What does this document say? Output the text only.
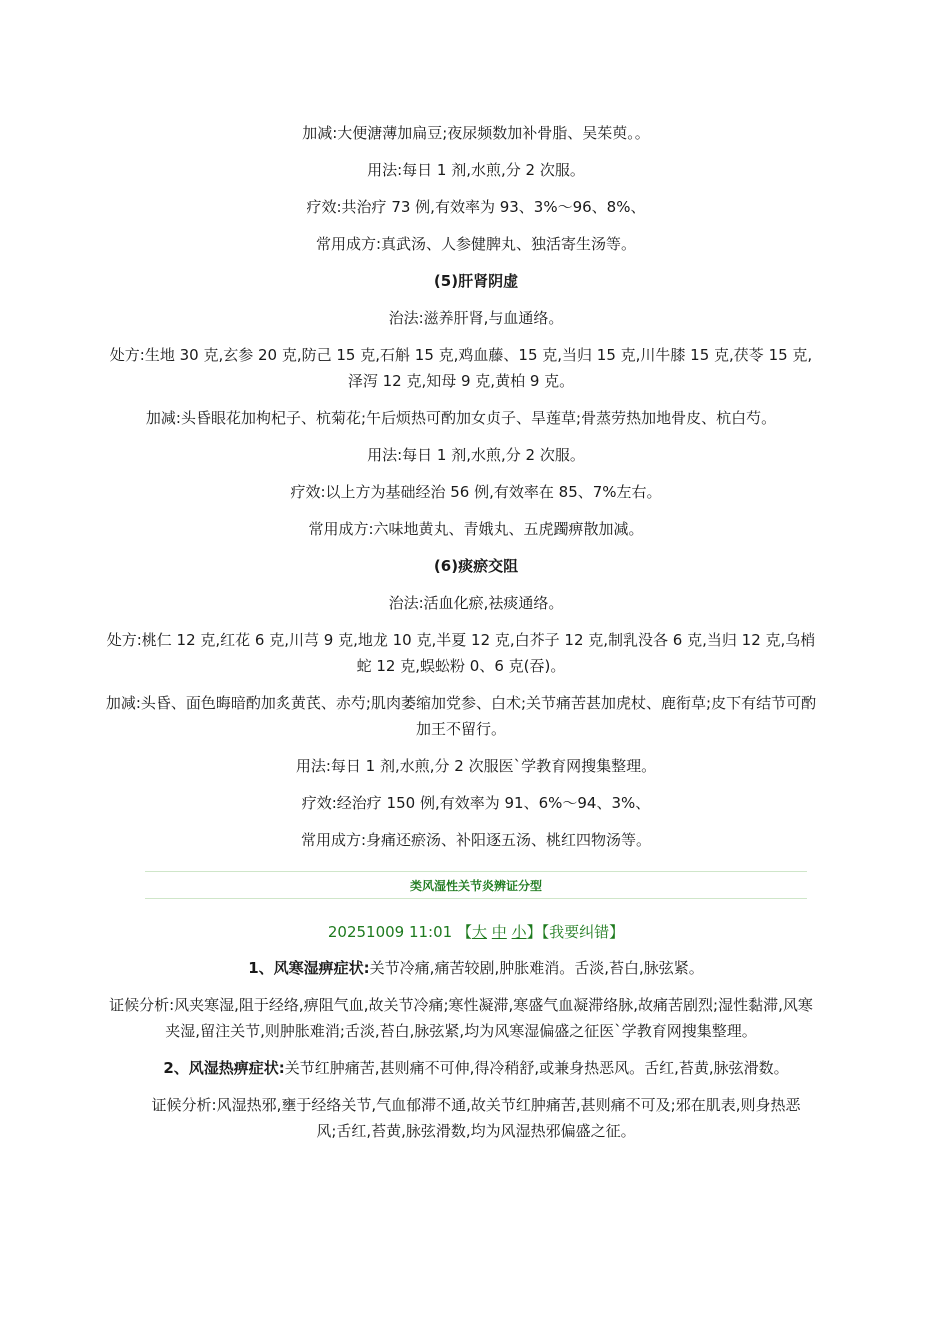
加减:大便溏薄加扁豆;夜尿频数加补骨脂、吴茱萸。。

用法:每日 1 剂,水煎,分 2 次服。

疗效:共治疗 73 例,有效率为 93、3%～96、8%、

常用成方:真武汤、人参健脾丸、独活寄生汤等。

(5)肝肾阴虚

治法:滋养肝肾,与血通络。

处方:生地 30 克,玄参 20 克,防己 15 克,石斛 15 克,鸡血藤、15 克,当归 15 克,川牛膝 15 克,茯苓 15 克,泽泻 12 克,知母 9 克,黄柏 9 克。

加减:头昏眼花加枸杞子、杭菊花;午后烦热可酌加女贞子、旱莲草;骨蒸劳热加地骨皮、杭白芍。

用法:每日 1 剂,水煎,分 2 次服。

疗效:以上方为基础经治 56 例,有效率在 85、7%左右。

常用成方:六味地黄丸、青娥丸、五虎躅痹散加减。

(6)痰瘀交阻

治法:活血化瘀,祛痰通络。

处方:桃仁 12 克,红花 6 克,川芎 9 克,地龙 10 克,半夏 12 克,白芥子 12 克,制乳没各 6 克,当归 12 克,乌梢蛇 12 克,蜈蚣粉 0、6 克(吞)。

加减:头昏、面色晦暗酌加炙黄芪、赤芍;肌肉萎缩加党参、白术;关节痛苦甚加虎杖、鹿衔草;皮下有结节可酌加王不留行。

用法:每日 1 剂,水煎,分 2 次服医`学教育网搜集整理。

疗效:经治疗 150 例,有效率为 91、6%～94、3%、

常用成方:身痛还瘀汤、补阳逐五汤、桃红四物汤等。

类风湿性关节炎辨证分型
20251009 11:01 【大 中 小】【我要纠错】

1、风寒湿痹症状:关节冷痛,痛苦较剧,肿胀难消。舌淡,苔白,脉弦紧。

证候分析:风夹寒湿,阻于经络,痹阻气血,故关节冷痛;寒性凝滞,寒盛气血凝滞络脉,故痛苦剧烈;湿性黏滞,风寒夹湿,留注关节,则肿胀难消;舌淡,苔白,脉弦紧,均为风寒湿偏盛之征医`学教育网搜集整理。

2、风湿热痹症状:关节红肿痛苦,甚则痛不可伸,得冷稍舒,或兼身热恶风。舌红,苔黄,脉弦滑数。

证候分析:风湿热邪,壅于经络关节,气血郁滞不通,故关节红肿痛苦,甚则痛不可及;邪在肌表,则身热恶风;舌红,苔黄,脉弦滑数,均为风湿热邪偏盛之征。
